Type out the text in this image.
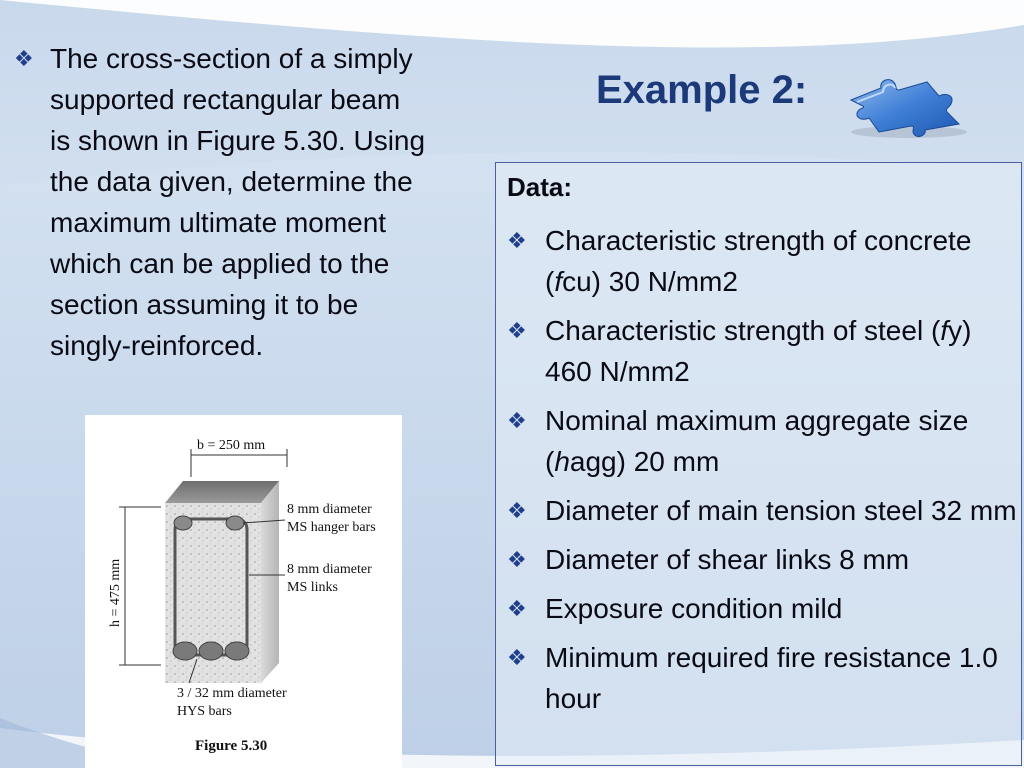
❖ The cross-section of a simply
supported rectangular beam
is shown in Figure 5.30. Using
the data given, determine the
maximum ultimate moment
which can be applied to the
section assuming it to be
singly-reinforced.
Example 2:
Data:
❖ Characteristic strength of concrete (fcu) 30 N/mm2
❖ Characteristic strength of steel (fy) 460 N/mm2
❖ Nominal maximum aggregate size (hagg) 20 mm
❖ Diameter of main tension steel 32 mm
❖ Diameter of shear links 8 mm
❖ Exposure condition mild
❖ Minimum required fire resistance 1.0 hour
b = 250 mm
h = 475 mm
8 mm diameter
MS hanger bars
8 mm diameter
MS links
3 / 32 mm diameter
HYS bars
Figure 5.30
